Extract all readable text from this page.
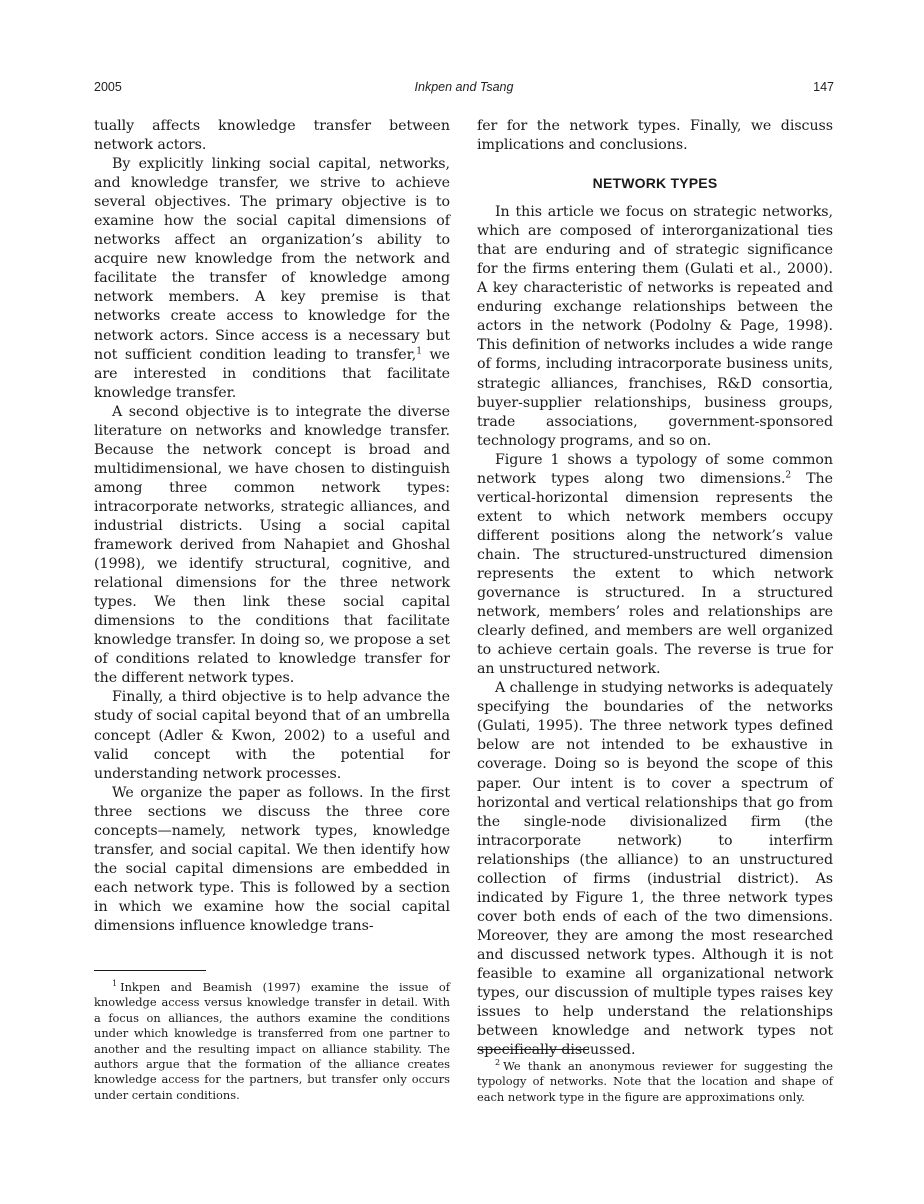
2005	Inkpen and Tsang	147

tually affects knowledge transfer between network actors.

By explicitly linking social capital, networks, and knowledge transfer, we strive to achieve several objectives. The primary objective is to examine how the social capital dimensions of networks affect an organization’s ability to acquire new knowledge from the network and facilitate the transfer of knowledge among network members. A key premise is that networks create access to knowledge for the network actors. Since access is a necessary but not sufficient condition leading to transfer,$^1$ we are interested in conditions that facilitate knowledge transfer.

A second objective is to integrate the diverse literature on networks and knowledge transfer. Because the network concept is broad and multidimensional, we have chosen to distinguish among three common network types: intracorporate networks, strategic alliances, and industrial districts. Using a social capital framework derived from Nahapiet and Ghoshal (1998), we identify structural, cognitive, and relational dimensions for the three network types. We then link these social capital dimensions to the conditions that facilitate knowledge transfer. In doing so, we propose a set of conditions related to knowledge transfer for the different network types.

Finally, a third objective is to help advance the study of social capital beyond that of an umbrella concept (Adler & Kwon, 2002) to a useful and valid concept with the potential for understanding network processes.

We organize the paper as follows. In the first three sections we discuss the three core concepts—namely, network types, knowledge transfer, and social capital. We then identify how the social capital dimensions are embedded in each network type. This is followed by a section in which we examine how the social capital dimensions influence knowledge trans-

fer for the network types. Finally, we discuss implications and conclusions.

NETWORK TYPES

In this article we focus on strategic networks, which are composed of interorganizational ties that are enduring and of strategic significance for the firms entering them (Gulati et al., 2000). A key characteristic of networks is repeated and enduring exchange relationships between the actors in the network (Podolny & Page, 1998). This definition of networks includes a wide range of forms, including intracorporate business units, strategic alliances, franchises, R&D consortia, buyer-supplier relationships, business groups, trade associations, government-sponsored technology programs, and so on.

Figure 1 shows a typology of some common network types along two dimensions.$^2$ The vertical-horizontal dimension represents the extent to which network members occupy different positions along the network’s value chain. The structured-unstructured dimension represents the extent to which network governance is structured. In a structured network, members’ roles and relationships are clearly defined, and members are well organized to achieve certain goals. The reverse is true for an unstructured network.

A challenge in studying networks is adequately specifying the boundaries of the networks (Gulati, 1995). The three network types defined below are not intended to be exhaustive in coverage. Doing so is beyond the scope of this paper. Our intent is to cover a spectrum of horizontal and vertical relationships that go from the single-node divisionalized firm (the intracorporate network) to interfirm relationships (the alliance) to an unstructured collection of firms (industrial district). As indicated by Figure 1, the three network types cover both ends of each of the two dimensions. Moreover, they are among the most researched and discussed network types. Although it is not feasible to examine all organizational network types, our discussion of multiple types raises key issues to help understand the relationships between knowledge and network types not specifically discussed.

$^1$ Inkpen and Beamish (1997) examine the issue of knowledge access versus knowledge transfer in detail. With a focus on alliances, the authors examine the conditions under which knowledge is transferred from one partner to another and the resulting impact on alliance stability. The authors argue that the formation of the alliance creates knowledge access for the partners, but transfer only occurs under certain conditions.

$^2$ We thank an anonymous reviewer for suggesting the typology of networks. Note that the location and shape of each network type in the figure are approximations only.
